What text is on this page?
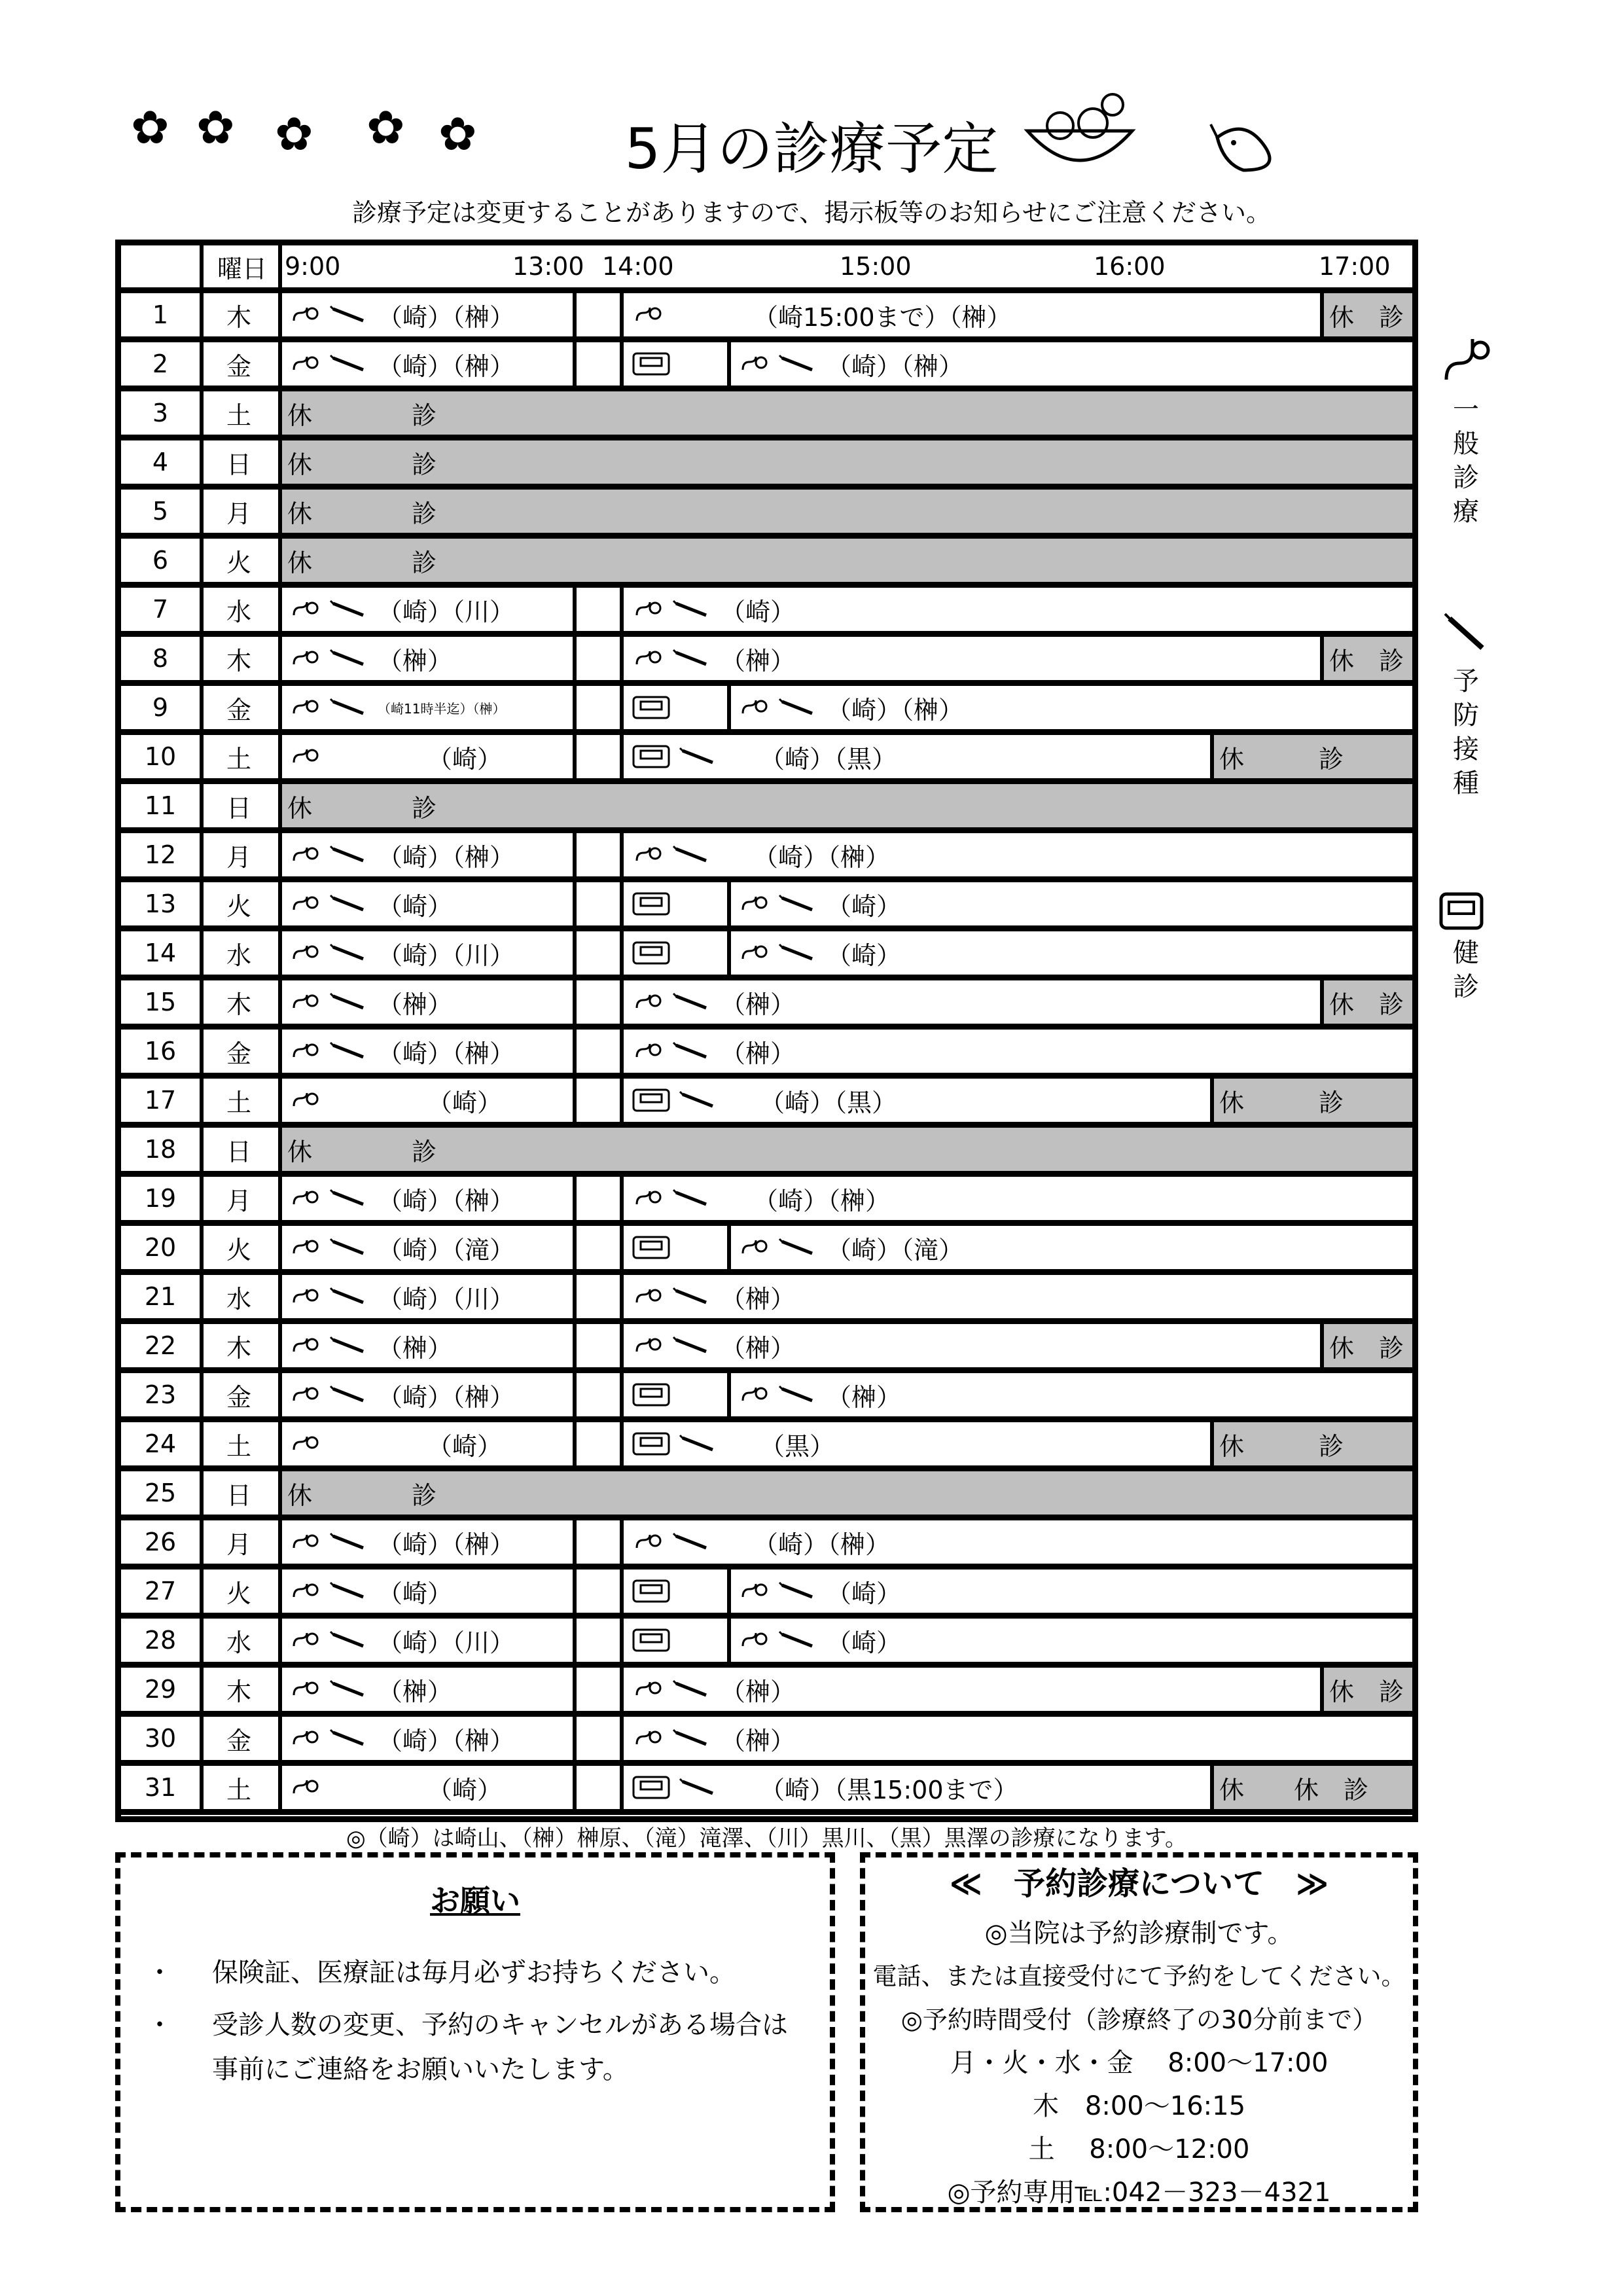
✿ ✿ ✿ ✿ ✿	5月の診療予定
診療予定は変更することがありますので、掲示板等のお知らせにご注意ください。
曜日 9:00	13:00 14:00	15:00	16:00	17:00
1	木	（崎）（榊）	（崎15:00まで）（榊）	休　診
2	金	（崎）（榊）	（崎）（榊）
3	土	休　　　　診
4	日	休　　　　診
5	月	休　　　　診
6	火	休　　　　診
7	水	（崎）（川）	（崎）
8	木	（榊）	（榊）	休　診
9	金	（崎11時半迄）（榊）	（崎）（榊）
10	土	（崎）	（崎）（黒）	休　　　診
11	日	休　　　　診
12	月	（崎）（榊）	（崎）（榊）
13	火	（崎）	（崎）
14	水	（崎）（川）	（崎）
15	木	（榊）	（榊）	休　診
16	金	（崎）（榊）	（榊）
17	土	（崎）	（崎）（黒）	休　　　診
18	日	休　　　　診
19	月	（崎）（榊）	（崎）（榊）
20	火	（崎）（滝）	（崎）（滝）
21	水	（崎）（川）	（榊）
22	木	（榊）	（榊）	休　診
23	金	（崎）（榊）	（榊）
24	土	（崎）	（黒）	休　　　診
25	日	休　　　　診
26	月	（崎）（榊）	（崎）（榊）
27	火	（崎）	（崎）
28	水	（崎）（川）	（崎）
29	木	（榊）	（榊）	休　診
30	金	（崎）（榊）	（榊）
31	土	（崎）	（崎）（黒15:00まで）	休　　休　診
一般診療
予防接種
健診
◎（崎）は崎山、（榊）榊原、（滝）滝澤、（川）黒川、（黒）黒澤の診療になります。
お願い
・ 保険証、医療証は毎月必ずお持ちください。
・ 受診人数の変更、予約のキャンセルがある場合は事前にご連絡をお願いいたします。
≪　予約診療について　≫
◎当院は予約診療制です。
電話、または直接受付にて予約をしてください。
◎予約時間受付（診療終了の30分前まで）
月・火・水・金　 8:00～17:00
木　8:00～16:15
土　 8:00～12:00
◎予約専用℡:042－323－4321
